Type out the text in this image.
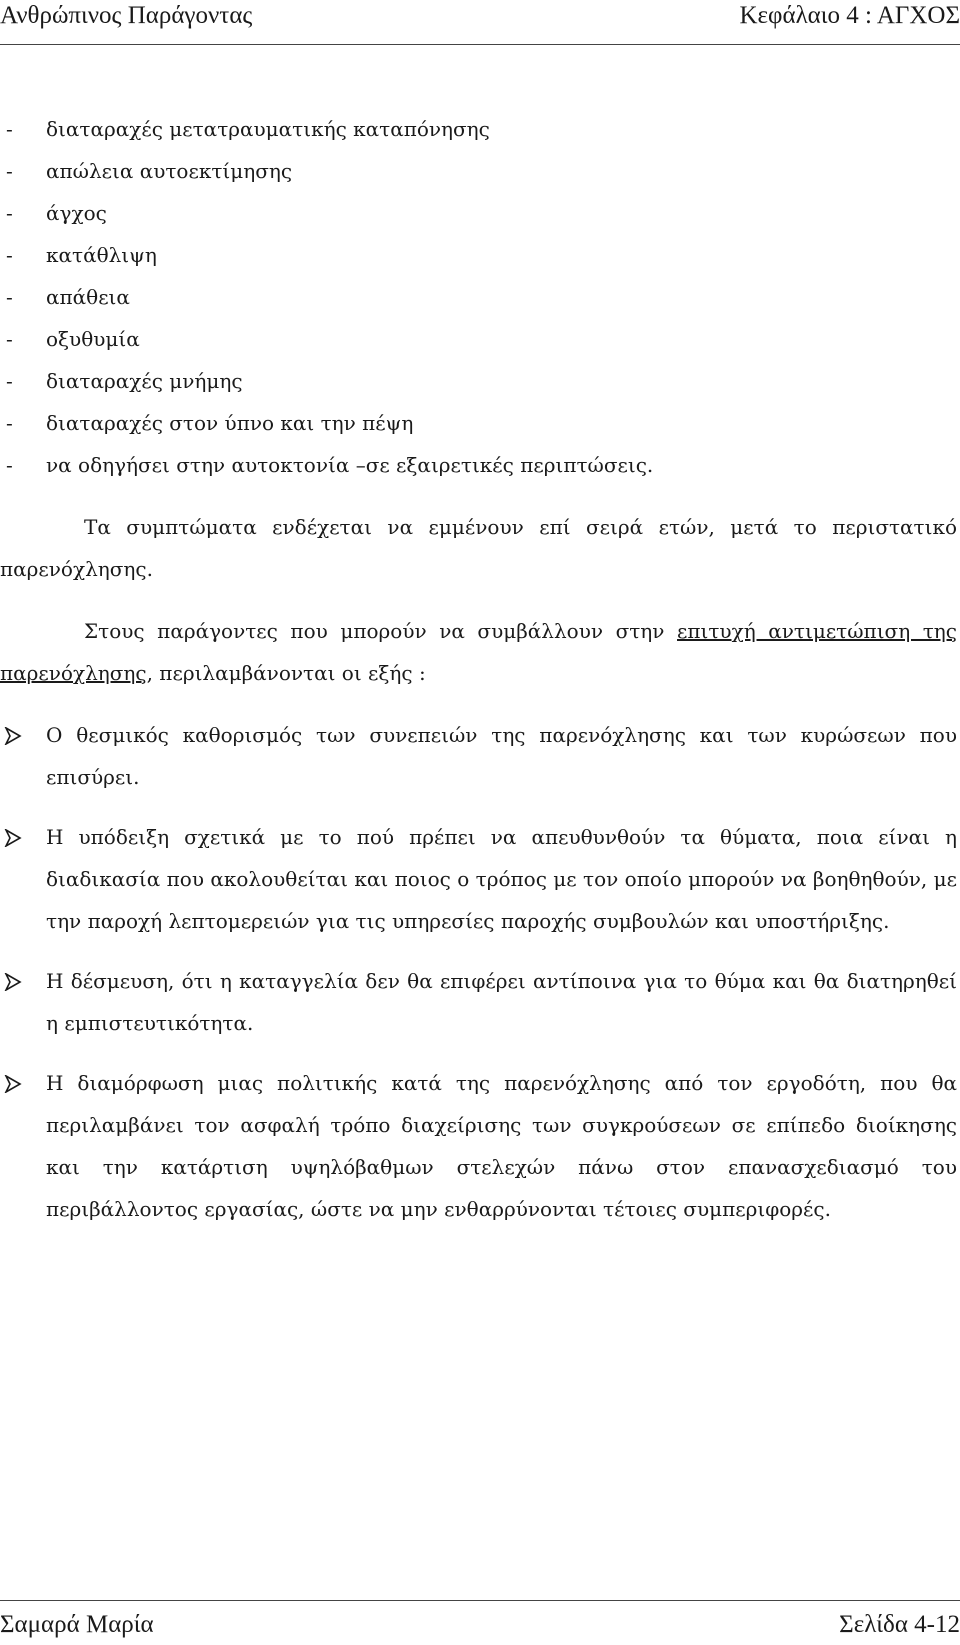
Ανθρώπινος Παράγοντας	Κεφάλαιο 4 : ΑΓΧΟΣ
- διαταραχές μετατραυματικής καταπόνησης
- απώλεια αυτοεκτίμησης
- άγχος
- κατάθλιψη
- απάθεια
- οξυθυμία
- διαταραχές μνήμης
- διαταραχές στον ύπνο και την πέψη
- να οδηγήσει στην αυτοκτονία –σε εξαιρετικές περιπτώσεις.

Τα συμπτώματα ενδέχεται να εμμένουν επί σειρά ετών, μετά το περιστατικό παρενόχλησης.

Στους παράγοντες που μπορούν να συμβάλλουν στην επιτυχή αντιμετώπιση της παρενόχλησης, περιλαμβάνονται οι εξής :

Ο θεσμικός καθορισμός των συνεπειών της παρενόχλησης και των κυρώσεων που επισύρει.
Η υπόδειξη σχετικά με το πού πρέπει να απευθυνθούν τα θύματα, ποια είναι η διαδικασία που ακολουθείται και ποιος ο τρόπος με τον οποίο μπορούν να βοηθηθούν, με την παροχή λεπτομερειών για τις υπηρεσίες παροχής συμβουλών και υποστήριξης.
Η δέσμευση, ότι η καταγγελία δεν θα επιφέρει αντίποινα για το θύμα και θα διατηρηθεί η εμπιστευτικότητα.
Η διαμόρφωση μιας πολιτικής κατά της παρενόχλησης από τον εργοδότη, που θα περιλαμβάνει τον ασφαλή τρόπο διαχείρισης των συγκρούσεων σε επίπεδο διοίκησης και την κατάρτιση υψηλόβαθμων στελεχών πάνω στον επανασχεδιασμό του περιβάλλοντος εργασίας, ώστε να μην ενθαρρύνονται τέτοιες συμπεριφορές.
Σαμαρά Μαρία	Σελίδα 4-12
